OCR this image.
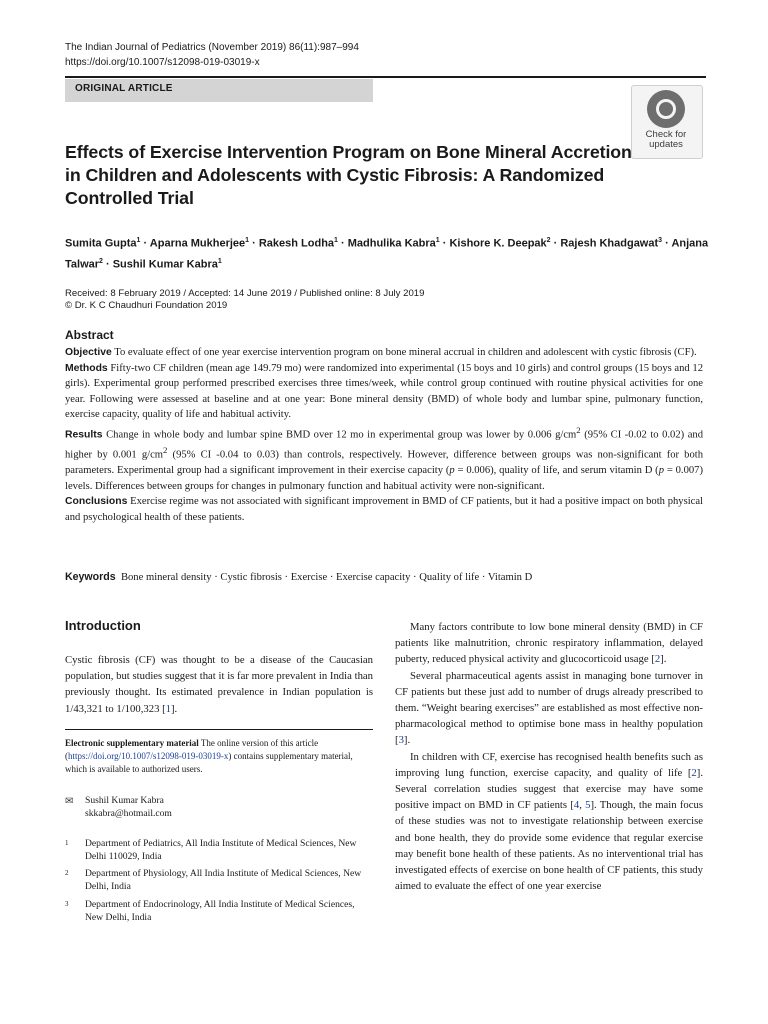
The Indian Journal of Pediatrics (November 2019) 86(11):987–994
https://doi.org/10.1007/s12098-019-03019-x
ORIGINAL ARTICLE
Check for
updates
Effects of Exercise Intervention Program on Bone Mineral Accretion in Children and Adolescents with Cystic Fibrosis: A Randomized Controlled Trial
Sumita Gupta$^1$ · Aparna Mukherjee$^1$ · Rakesh Lodha$^1$ · Madhulika Kabra$^1$ · Kishore K. Deepak$^2$ · Rajesh Khadgawat$^3$ · Anjana Talwar$^2$ · Sushil Kumar Kabra$^1$
Received: 8 February 2019 / Accepted: 14 June 2019 / Published online: 8 July 2019
© Dr. K C Chaudhuri Foundation 2019
Abstract

Objective To evaluate effect of one year exercise intervention program on bone mineral accrual in children and adolescent with cystic fibrosis (CF).

Methods Fifty-two CF children (mean age 149.79 mo) were randomized into experimental (15 boys and 10 girls) and control groups (15 boys and 12 girls). Experimental group performed prescribed exercises three times/week, while control group continued with routine physical activities for one year. Following were assessed at baseline and at one year: Bone mineral density (BMD) of whole body and lumbar spine, pulmonary function, exercise capacity, quality of life and habitual activity.

Results Change in whole body and lumbar spine BMD over 12 mo in experimental group was lower by 0.006 $g/cm^2$ (95% CI -0.02 to 0.02) and higher by 0.001 $g/cm^2$ (95% CI -0.04 to 0.03) than controls, respectively. However, difference between groups was non-significant for both parameters. Experimental group had a significant improvement in their exercise capacity (p = 0.006), quality of life, and serum vitamin D (p = 0.007) levels. Differences between groups for changes in pulmonary function and habitual activity were non-significant.

Conclusions Exercise regime was not associated with significant improvement in BMD of CF patients, but it had a positive impact on both physical and psychological health of these patients.

Keywords Bone mineral density · Cystic fibrosis · Exercise · Exercise capacity · Quality of life · Vitamin D
Introduction

Cystic fibrosis (CF) was thought to be a disease of the Caucasian population, but studies suggest that it is far more prevalent in India than previously thought. Its estimated prevalence in Indian population is 1/43,321 to 1/100,323 [1].

Electronic supplementary material The online version of this article (https://doi.org/10.1007/s12098-019-03019-x) contains supplementary material, which is available to authorized users.

✉ Sushil Kumar Kabra
skkabra@hotmail.com
1 Department of Pediatrics, All India Institute of Medical Sciences, New Delhi 110029, India
2 Department of Physiology, All India Institute of Medical Sciences, New Delhi, India
3 Department of Endocrinology, All India Institute of Medical Sciences, New Delhi, India

Many factors contribute to low bone mineral density (BMD) in CF patients like malnutrition, chronic respiratory inflammation, delayed puberty, reduced physical activity and glucocorticoid usage [2].

Several pharmaceutical agents assist in managing bone turnover in CF patients but these just add to number of drugs already prescribed to them. “Weight bearing exercises” are established as most effective non-pharmacological method to optimise bone mass in healthy population [3].

In children with CF, exercise has recognised health benefits such as improving lung function, exercise capacity, and quality of life [2]. Several correlation studies suggest that exercise may have some positive impact on BMD in CF patients [4, 5]. Though, the main focus of these studies was not to investigate relationship between exercise and bone health, they do provide some evidence that regular exercise may benefit bone health of these patients. As no interventional trial has investigated effects of exercise on bone health of CF patients, this study aimed to evaluate the effect of one year exercise
